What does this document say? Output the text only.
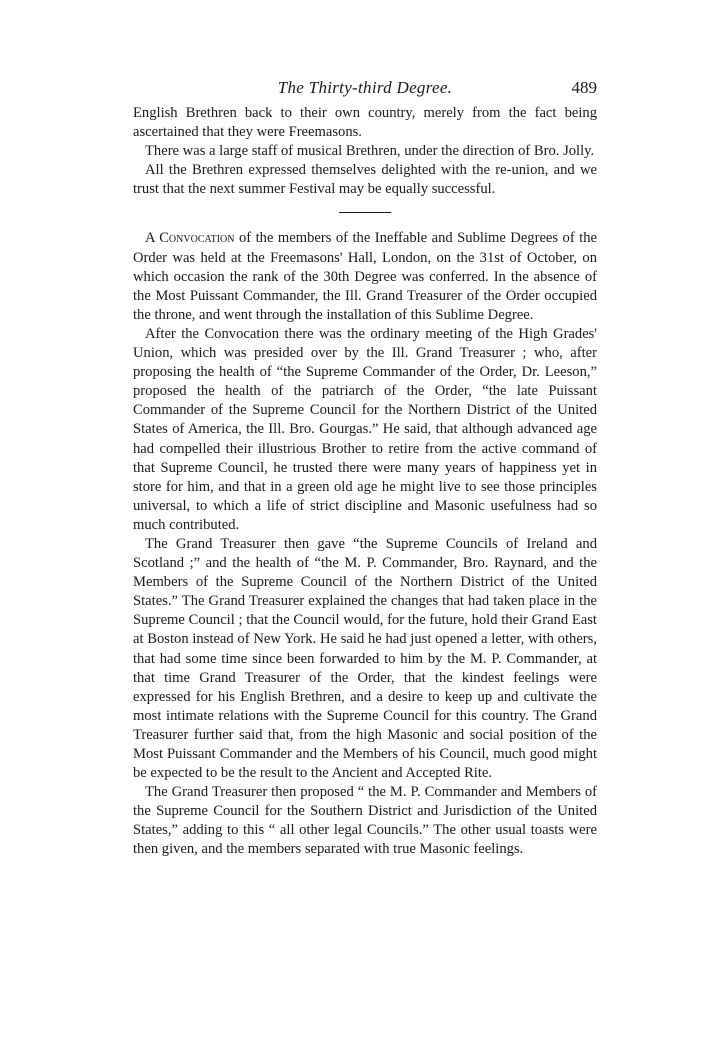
The Thirty-third Degree.	489

English Brethren back to their own country, merely from the fact being ascertained that they were Freemasons.

There was a large staff of musical Brethren, under the direction of Bro. Jolly.

All the Brethren expressed themselves delighted with the re-union, and we trust that the next summer Festival may be equally successful.

A Convocation of the members of the Ineffable and Sublime Degrees of the Order was held at the Freemasons' Hall, London, on the 31st of October, on which occasion the rank of the 30th Degree was conferred. In the absence of the Most Puissant Commander, the Ill. Grand Treasurer of the Order occupied the throne, and went through the installation of this Sublime Degree.

After the Convocation there was the ordinary meeting of the High Grades' Union, which was presided over by the Ill. Grand Treasurer ; who, after proposing the health of “the Supreme Commander of the Order, Dr. Leeson,” proposed the health of the patriarch of the Order, “the late Puissant Commander of the Supreme Council for the Northern District of the United States of America, the Ill. Bro. Gourgas.” He said, that although advanced age had compelled their illustrious Brother to retire from the active command of that Supreme Council, he trusted there were many years of happiness yet in store for him, and that in a green old age he might live to see those principles universal, to which a life of strict discipline and Masonic usefulness had so much contributed.

The Grand Treasurer then gave “the Supreme Councils of Ireland and Scotland ;” and the health of “the M. P. Commander, Bro. Raynard, and the Members of the Supreme Council of the Northern District of the United States.” The Grand Treasurer explained the changes that had taken place in the Supreme Council ; that the Council would, for the future, hold their Grand East at Boston instead of New York. He said he had just opened a letter, with others, that had some time since been forwarded to him by the M. P. Commander, at that time Grand Treasurer of the Order, that the kindest feelings were expressed for his English Brethren, and a desire to keep up and cultivate the most intimate relations with the Supreme Council for this country. The Grand Treasurer further said that, from the high Masonic and social position of the Most Puissant Commander and the Members of his Council, much good might be expected to be the result to the Ancient and Accepted Rite.

The Grand Treasurer then proposed “ the M. P. Commander and Members of the Supreme Council for the Southern District and Jurisdiction of the United States,” adding to this “ all other legal Councils.” The other usual toasts were then given, and the members separated with true Masonic feelings.
